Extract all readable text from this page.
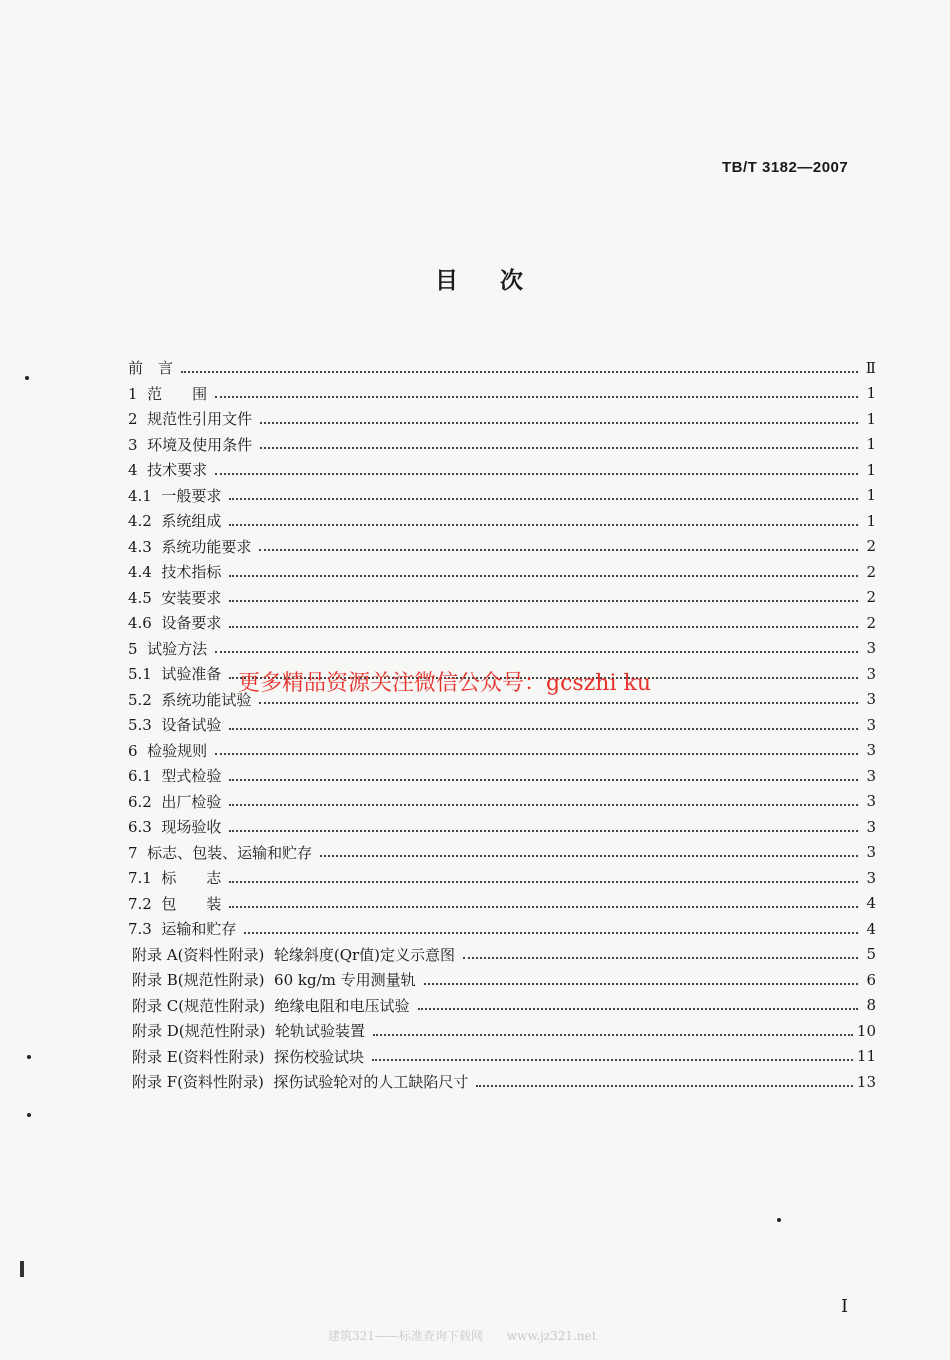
TB/T 3182—2007
目次
前　言	Ⅱ
1  范　　围	1
2  规范性引用文件	1
3  环境及使用条件	1
4  技术要求	1
4.1  一般要求	1
4.2  系统组成	1
4.3  系统功能要求	2
4.4  技术指标	2
4.5  安装要求	2
4.6  设备要求	2
5  试验方法	3
5.1  试验准备	3
5.2  系统功能试验	3
5.3  设备试验	3
6  检验规则	3
6.1  型式检验	3
6.2  出厂检验	3
6.3  现场验收	3
7  标志、包装、运输和贮存	3
7.1  标　　志	3
7.2  包　　装	4
7.3  运输和贮存	4
附录 A(资料性附录)  轮缘斜度(Qr值)定义示意图	5
附录 B(规范性附录)  60 kg/m 专用测量轨	6
附录 C(规范性附录)  绝缘电阻和电压试验	8
附录 D(规范性附录)  轮轨试验装置	10
附录 E(资料性附录)  探伤校验试块	11
附录 F(资料性附录)  探伤试验轮对的人工缺陷尺寸	13
更多精品资源关注微信公众号：gcszhi ku
I
建筑321——标准查询下载网　　www.jz321.net
